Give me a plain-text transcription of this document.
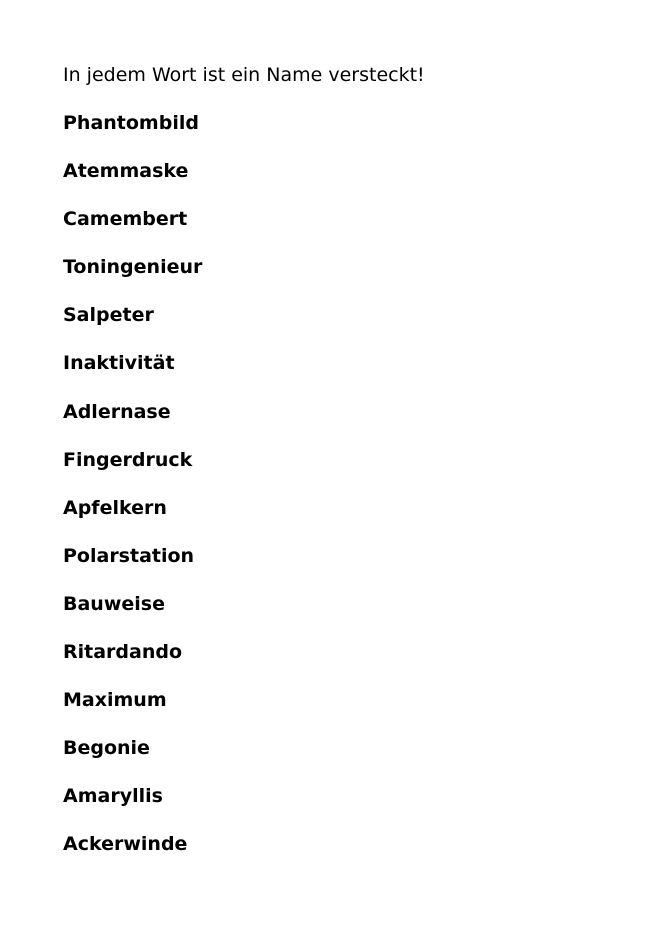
In jedem Wort ist ein Name versteckt!
Phantombild
Atemmaske
Camembert
Toningenieur
Salpeter
Inaktivität
Adlernase
Fingerdruck
Apfelkern
Polarstation
Bauweise
Ritardando
Maximum
Begonie
Amaryllis
Ackerwinde
